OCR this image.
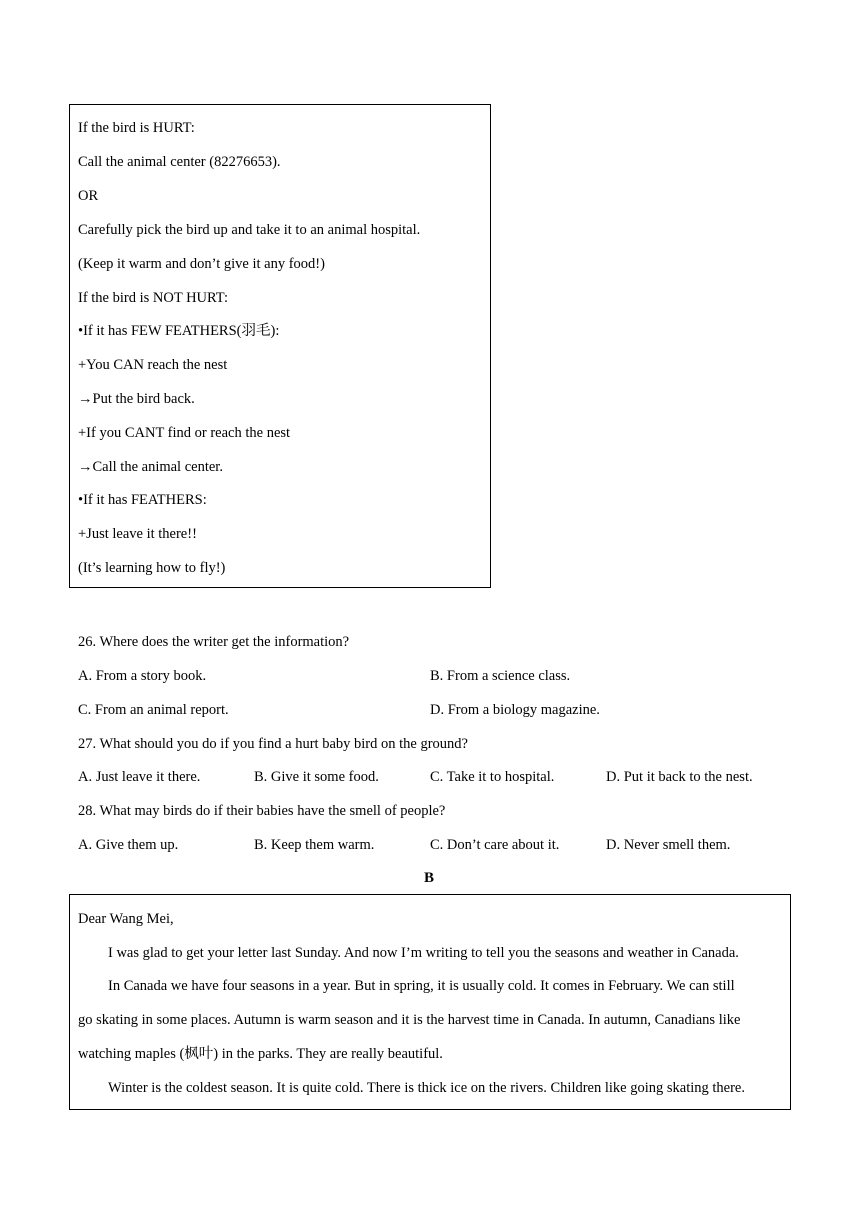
If the bird is HURT:
Call the animal center (82276653).
OR
Carefully pick the bird up and take it to an animal hospital.
(Keep it warm and don’t give it any food!)
If the bird is NOT HURT:
•If it has FEW FEATHERS(羽毛):
+You CAN reach the nest
→Put the bird back.
+If you CANT find or reach the nest
→Call the animal center.
•If it has FEATHERS:
+Just leave it there!!
(It’s learning how to fly!)
26. Where does the writer get the information?
A. From a story book.	B. From a science class.
C. From an animal report.	D. From a biology magazine.
27. What should you do if you find a hurt baby bird on the ground?
A. Just leave it there.	B. Give it some food.	C. Take it to hospital.	D. Put it back to the nest.
28. What may birds do if their babies have the smell of people?
A. Give them up.	B. Keep them warm.	C. Don’t care about it.	D. Never smell them.
B
Dear Wang Mei,
I was glad to get your letter last Sunday. And now I’m writing to tell you the seasons and weather in Canada.
In Canada we have four seasons in a year. But in spring, it is usually cold. It comes in February. We can still
go skating in some places. Autumn is warm season and it is the harvest time in Canada. In autumn, Canadians like
watching maples (枫叶) in the parks. They are really beautiful.
Winter is the coldest season. It is quite cold. There is thick ice on the rivers. Children like going skating there.
